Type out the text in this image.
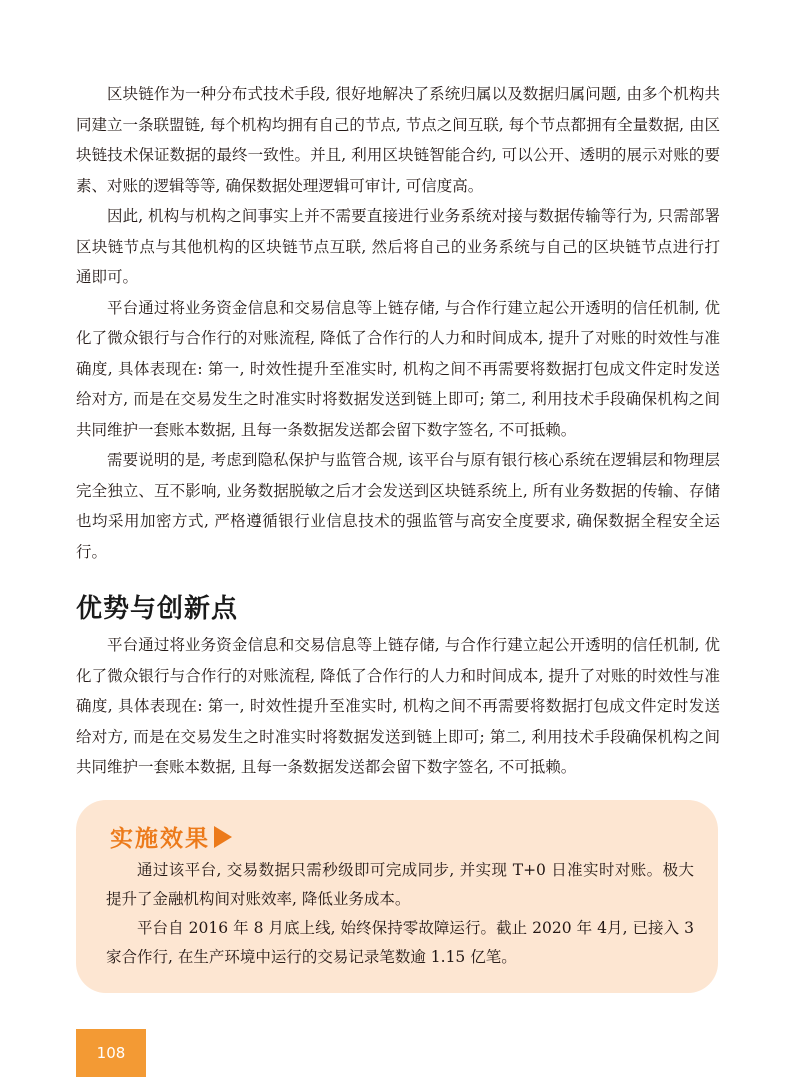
区块链作为一种分布式技术手段, 很好地解决了系统归属以及数据归属问题, 由多个机构共同建立一条联盟链, 每个机构均拥有自己的节点, 节点之间互联, 每个节点都拥有全量数据, 由区块链技术保证数据的最终一致性。并且, 利用区块链智能合约, 可以公开、透明的展示对账的要素、对账的逻辑等等, 确保数据处理逻辑可审计, 可信度高。

因此, 机构与机构之间事实上并不需要直接进行业务系统对接与数据传输等行为, 只需部署区块链节点与其他机构的区块链节点互联, 然后将自己的业务系统与自己的区块链节点进行打通即可。

平台通过将业务资金信息和交易信息等上链存储, 与合作行建立起公开透明的信任机制, 优化了微众银行与合作行的对账流程, 降低了合作行的人力和时间成本, 提升了对账的时效性与准确度, 具体表现在: 第一, 时效性提升至准实时, 机构之间不再需要将数据打包成文件定时发送给对方, 而是在交易发生之时准实时将数据发送到链上即可; 第二, 利用技术手段确保机构之间共同维护一套账本数据, 且每一条数据发送都会留下数字签名, 不可抵赖。

需要说明的是, 考虑到隐私保护与监管合规, 该平台与原有银行核心系统在逻辑层和物理层完全独立、互不影响, 业务数据脱敏之后才会发送到区块链系统上, 所有业务数据的传输、存储也均采用加密方式, 严格遵循银行业信息技术的强监管与高安全度要求, 确保数据全程安全运行。

优势与创新点

平台通过将业务资金信息和交易信息等上链存储, 与合作行建立起公开透明的信任机制, 优化了微众银行与合作行的对账流程, 降低了合作行的人力和时间成本, 提升了对账的时效性与准确度, 具体表现在: 第一, 时效性提升至准实时, 机构之间不再需要将数据打包成文件定时发送给对方, 而是在交易发生之时准实时将数据发送到链上即可; 第二, 利用技术手段确保机构之间共同维护一套账本数据, 且每一条数据发送都会留下数字签名, 不可抵赖。

实施效果

通过该平台, 交易数据只需秒级即可完成同步, 并实现 T+0 日准实时对账。极大提升了金融机构间对账效率, 降低业务成本。

平台自 2016 年 8 月底上线, 始终保持零故障运行。截止 2020 年 4月, 已接入 3 家合作行, 在生产环境中运行的交易记录笔数逾 1.15 亿笔。

108
